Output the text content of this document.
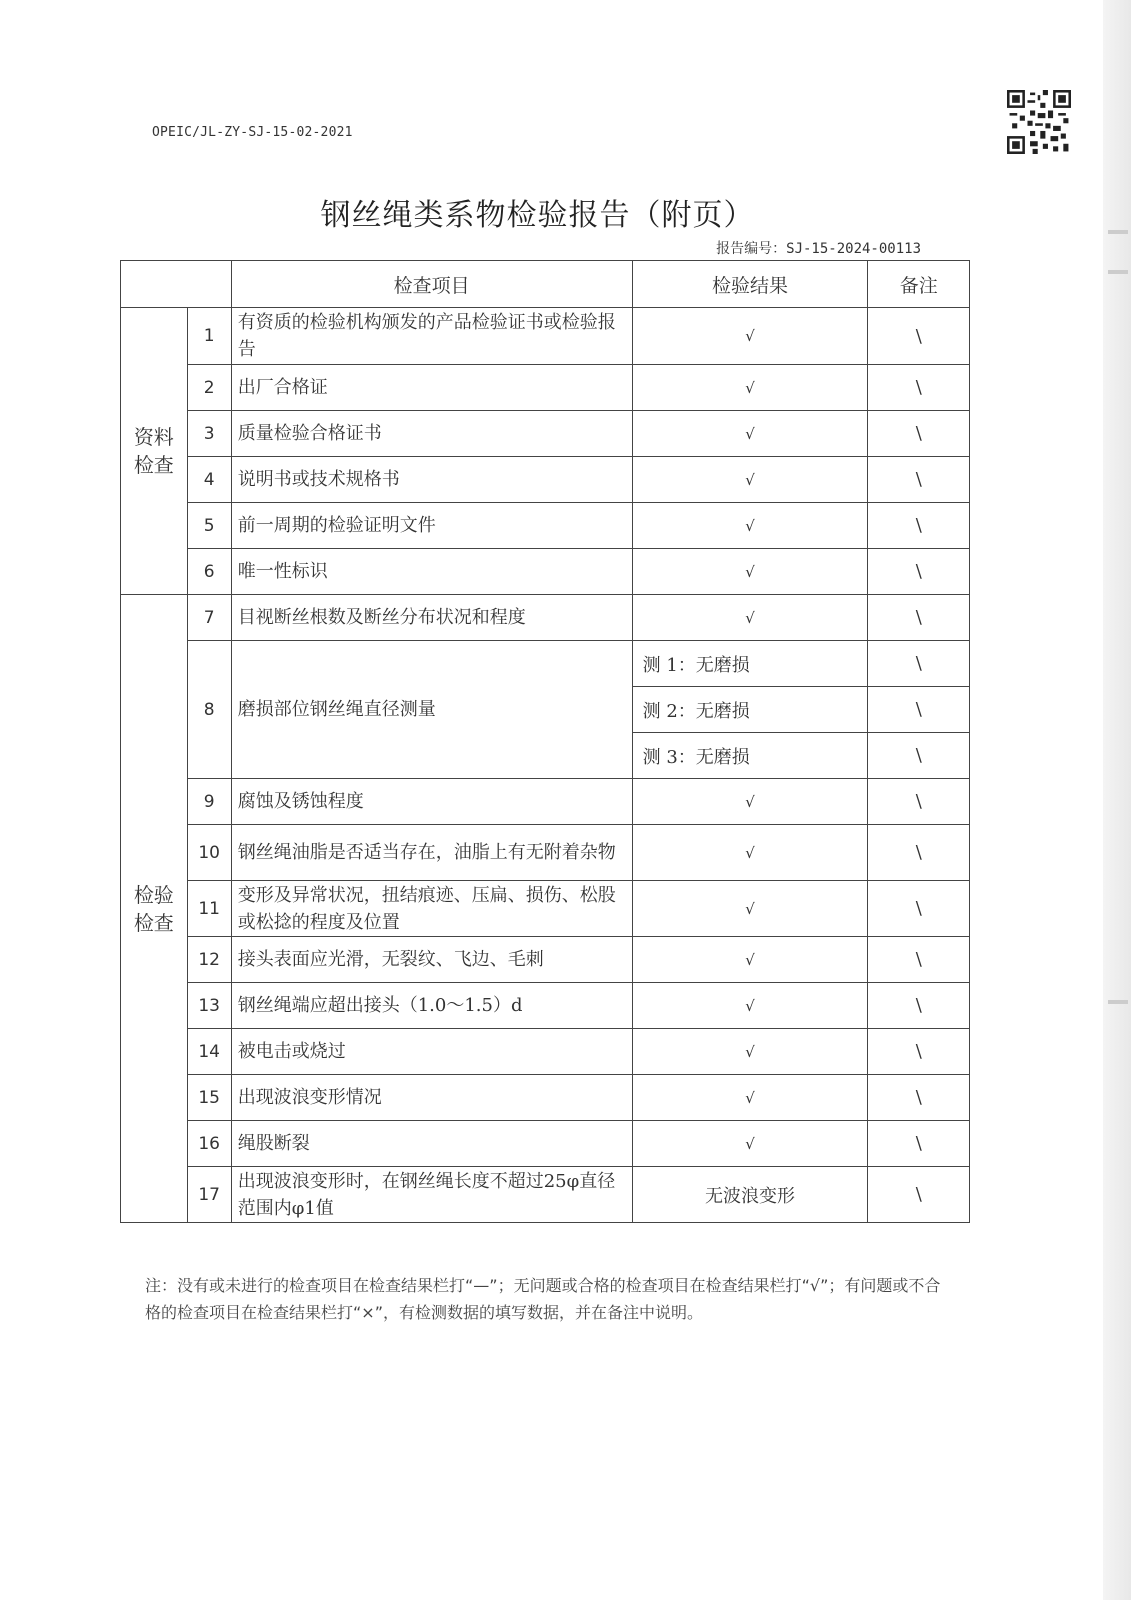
OPEIC/JL-ZY-SJ-15-02-2021
钢丝绳类系物检验报告（附页）
报告编号：SJ-15-2024-00113
		检查项目	检验结果	备注
资料检查	1	有资质的检验机构颁发的产品检验证书或检验报告	√	\
	2	出厂合格证	√	\
	3	质量检验合格证书	√	\
	4	说明书或技术规格书	√	\
	5	前一周期的检验证明文件	√	\
	6	唯一性标识	√	\
检验检查	7	目视断丝根数及断丝分布状况和程度	√	\
	8	磨损部位钢丝绳直径测量	测 1：无磨损	\
			测 2：无磨损	\
			测 3：无磨损	\
	9	腐蚀及锈蚀程度	√	\
	10	钢丝绳油脂是否适当存在，油脂上有无附着杂物	√	\
	11	变形及异常状况，扭结痕迹、压扁、损伤、松股或松捻的程度及位置	√	\
	12	接头表面应光滑，无裂纹、飞边、毛刺	√	\
	13	钢丝绳端应超出接头（1.0～1.5）d	√	\
	14	被电击或烧过	√	\
	15	出现波浪变形情况	√	\
	16	绳股断裂	√	\
	17	出现波浪变形时，在钢丝绳长度不超过25φ直径范围内φ1值	无波浪变形	\
注：没有或未进行的检查项目在检查结果栏打“—”；无问题或合格的检查项目在检查结果栏打“√”；有问题或不合格的检查项目在检查结果栏打“×”，有检测数据的填写数据，并在备注中说明。
